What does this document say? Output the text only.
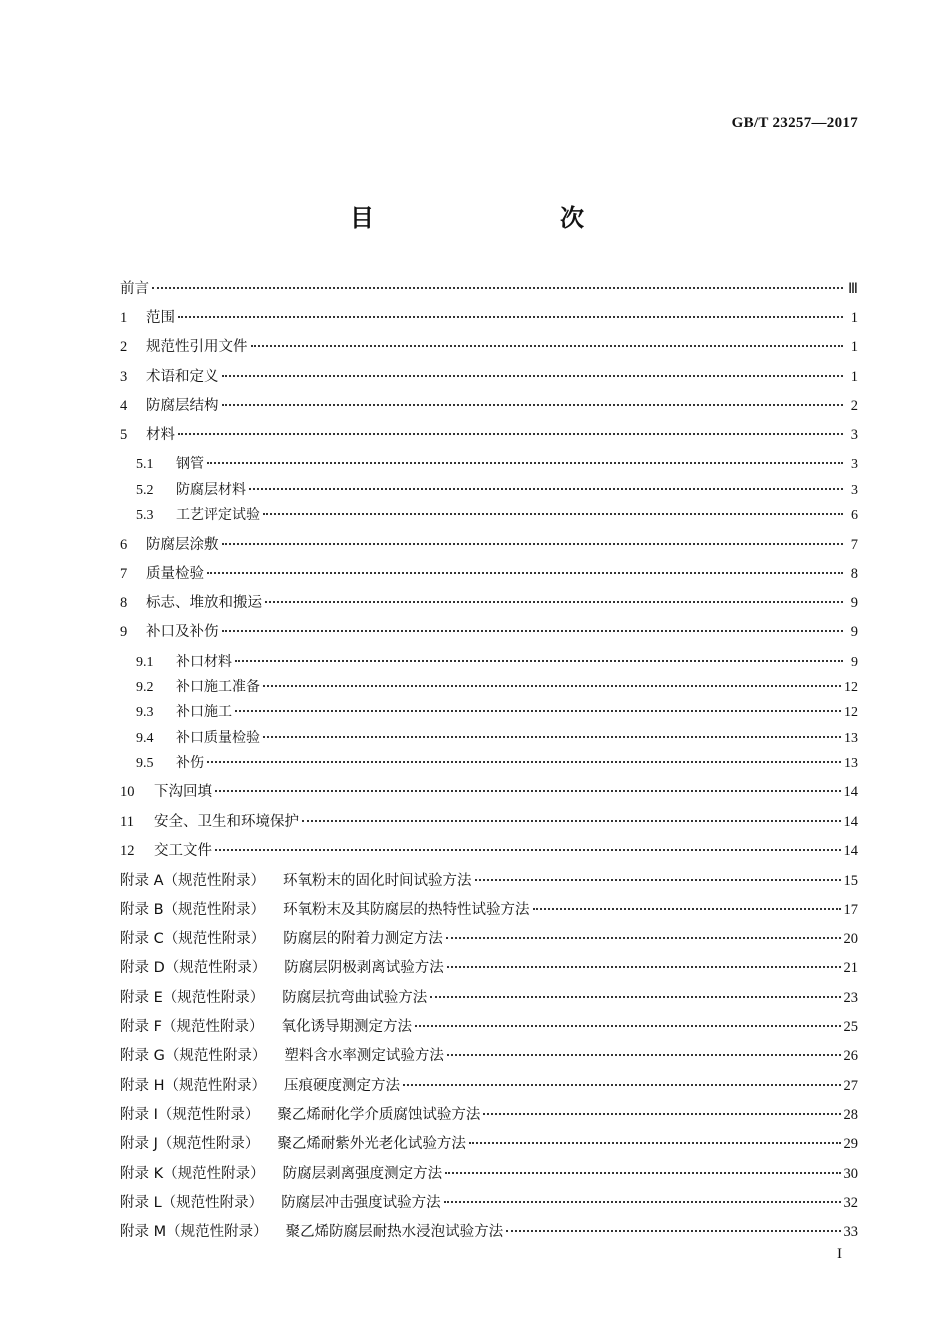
GB/T 23257—2017
目　　次
前言	Ⅲ
1	范围	1
2	规范性引用文件	1
3	术语和定义	1
4	防腐层结构	2
5	材料	3
5.1	钢管	3
5.2	防腐层材料	3
5.3	工艺评定试验	6
6	防腐层涂敷	7
7	质量检验	8
8	标志、堆放和搬运	9
9	补口及补伤	9
9.1	补口材料	9
9.2	补口施工准备	12
9.3	补口施工	12
9.4	补口质量检验	13
9.5	补伤	13
10	下沟回填	14
11	安全、卫生和环境保护	14
12	交工文件	14
附录 A（规范性附录） 环氧粉末的固化时间试验方法	15
附录 B（规范性附录） 环氧粉末及其防腐层的热特性试验方法	17
附录 C（规范性附录） 防腐层的附着力测定方法	20
附录 D（规范性附录） 防腐层阴极剥离试验方法	21
附录 E（规范性附录） 防腐层抗弯曲试验方法	23
附录 F（规范性附录） 氧化诱导期测定方法	25
附录 G（规范性附录） 塑料含水率测定试验方法	26
附录 H（规范性附录） 压痕硬度测定方法	27
附录 I（规范性附录） 聚乙烯耐化学介质腐蚀试验方法	28
附录 J（规范性附录） 聚乙烯耐紫外光老化试验方法	29
附录 K（规范性附录） 防腐层剥离强度测定方法	30
附录 L（规范性附录） 防腐层冲击强度试验方法	32
附录 M（规范性附录） 聚乙烯防腐层耐热水浸泡试验方法	33
I
